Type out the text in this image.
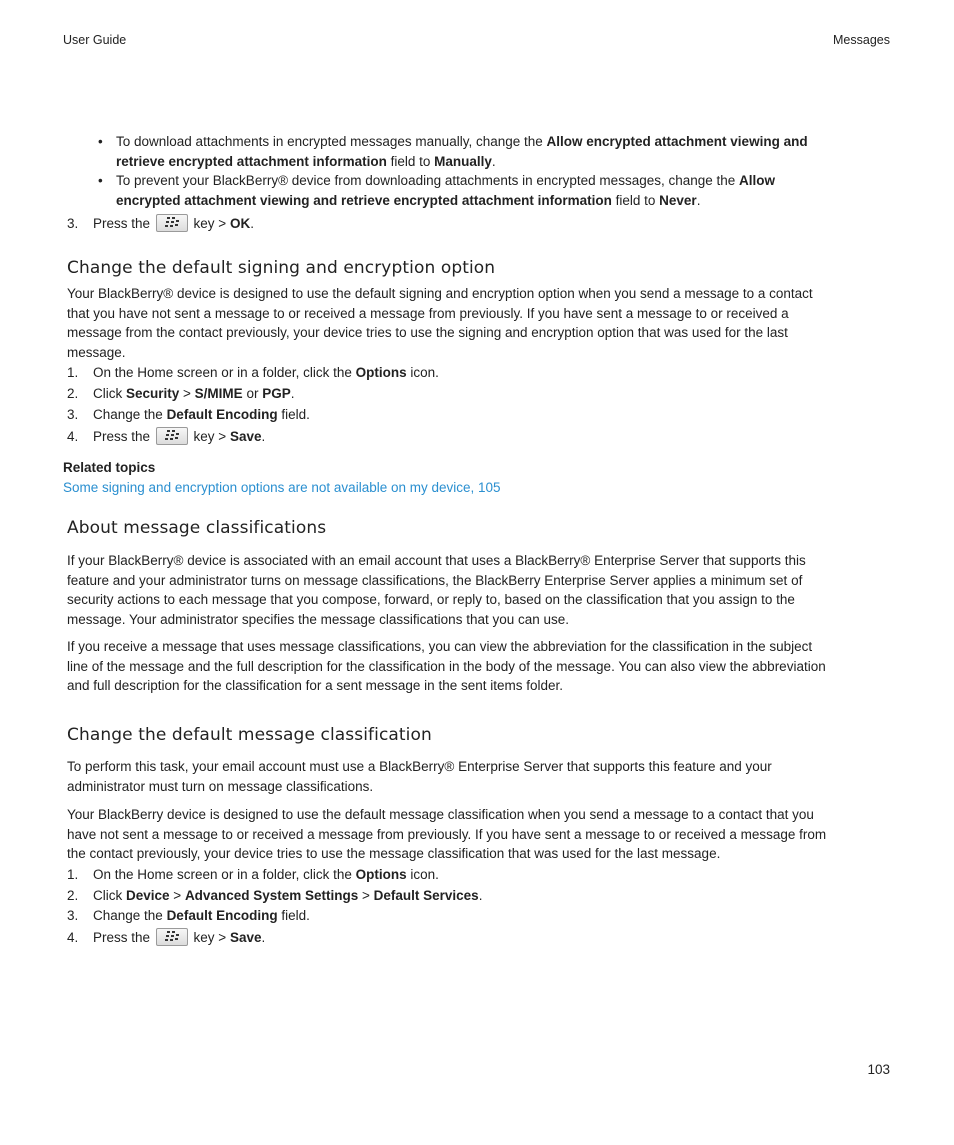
User Guide	Messages
• To download attachments in encrypted messages manually, change the Allow encrypted attachment viewing and
retrieve encrypted attachment information field to Manually.
• To prevent your BlackBerry® device from downloading attachments in encrypted messages, change the Allow
encrypted attachment viewing and retrieve encrypted attachment information field to Never.
3. Press the	key > OK.
Change the default signing and encryption option
Your BlackBerry® device is designed to use the default signing and encryption option when you send a message to a contact
that you have not sent a message to or received a message from previously. If you have sent a message to or received a
message from the contact previously, your device tries to use the signing and encryption option that was used for the last
message.
1. On the Home screen or in a folder, click the Options icon.
2. Click Security > S/MIME or PGP.
3. Change the Default Encoding field.
4. Press the	key > Save.
Related topics
Some signing and encryption options are not available on my device, 105
About message classifications
If your BlackBerry® device is associated with an email account that uses a BlackBerry® Enterprise Server that supports this
feature and your administrator turns on message classifications, the BlackBerry Enterprise Server applies a minimum set of
security actions to each message that you compose, forward, or reply to, based on the classification that you assign to the
message. Your administrator specifies the message classifications that you can use.
If you receive a message that uses message classifications, you can view the abbreviation for the classification in the subject
line of the message and the full description for the classification in the body of the message. You can also view the abbreviation
and full description for the classification for a sent message in the sent items folder.
Change the default message classification
To perform this task, your email account must use a BlackBerry® Enterprise Server that supports this feature and your
administrator must turn on message classifications.
Your BlackBerry device is designed to use the default message classification when you send a message to a contact that you
have not sent a message to or received a message from previously. If you have sent a message to or received a message from
the contact previously, your device tries to use the message classification that was used for the last message.
1. On the Home screen or in a folder, click the Options icon.
2. Click Device > Advanced System Settings > Default Services.
3. Change the Default Encoding field.
4. Press the	key > Save.
103
